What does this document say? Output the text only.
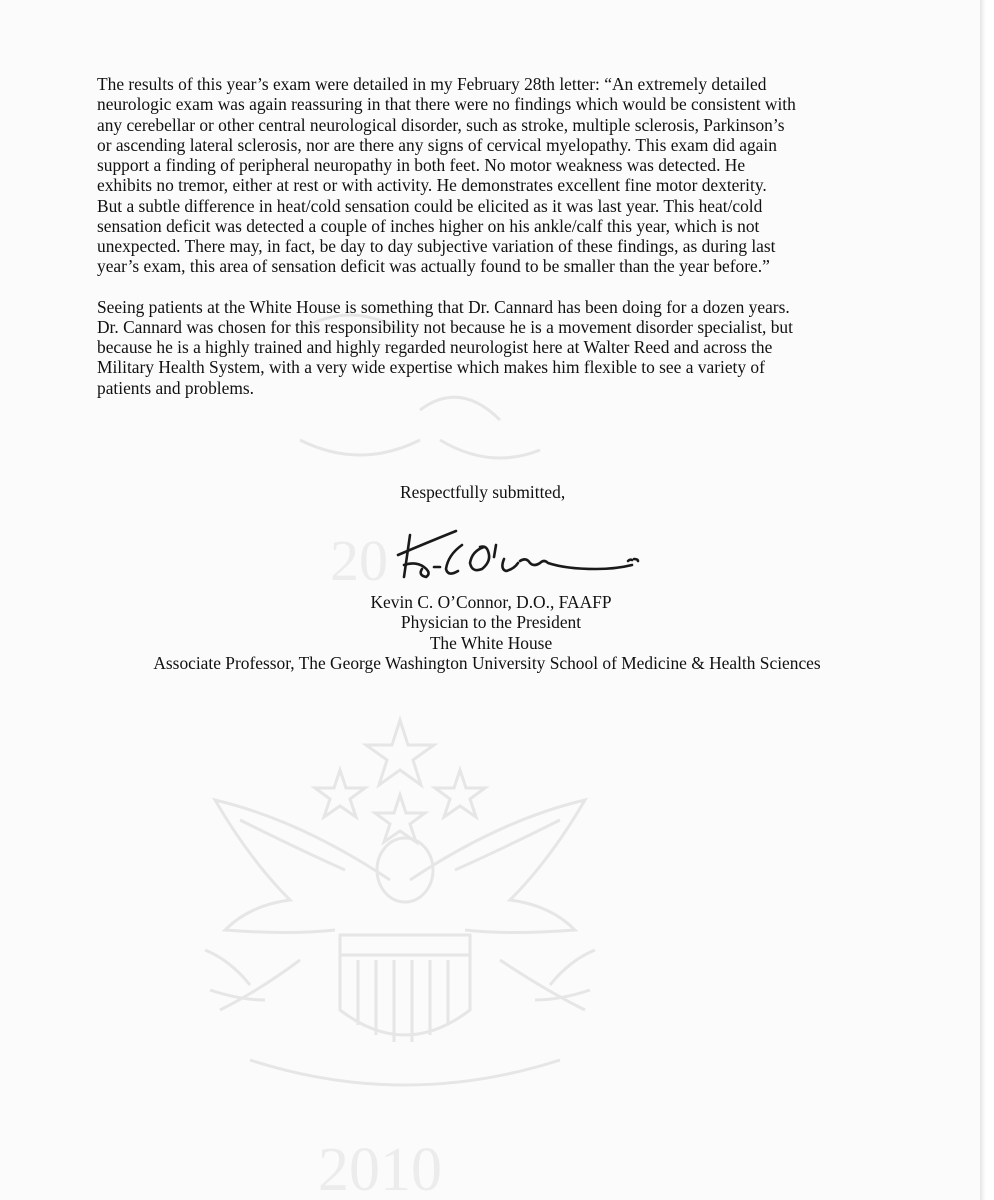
20
2010

The results of this year’s exam were detailed in my February 28th letter: “An extremely detailed
neurologic exam was again reassuring in that there were no findings which would be consistent with
any cerebellar or other central neurological disorder, such as stroke, multiple sclerosis, Parkinson’s
or ascending lateral sclerosis, nor are there any signs of cervical myelopathy. This exam did again
support a finding of peripheral neuropathy in both feet. No motor weakness was detected. He
exhibits no tremor, either at rest or with activity. He demonstrates excellent fine motor dexterity.
But a subtle difference in heat/cold sensation could be elicited as it was last year. This heat/cold
sensation deficit was detected a couple of inches higher on his ankle/calf this year, which is not
unexpected. There may, in fact, be day to day subjective variation of these findings, as during last
year’s exam, this area of sensation deficit was actually found to be smaller than the year before.”

Seeing patients at the White House is something that Dr. Cannard has been doing for a dozen years.
Dr. Cannard was chosen for this responsibility not because he is a movement disorder specialist, but
because he is a highly trained and highly regarded neurologist here at Walter Reed and across the
Military Health System, with a very wide expertise which makes him flexible to see a variety of
patients and problems.

Respectfully submitted,
Kevin C. O’Connor, D.O., FAAFP
Physician to the President
The White House
Associate Professor, The George Washington University School of Medicine & Health Sciences
